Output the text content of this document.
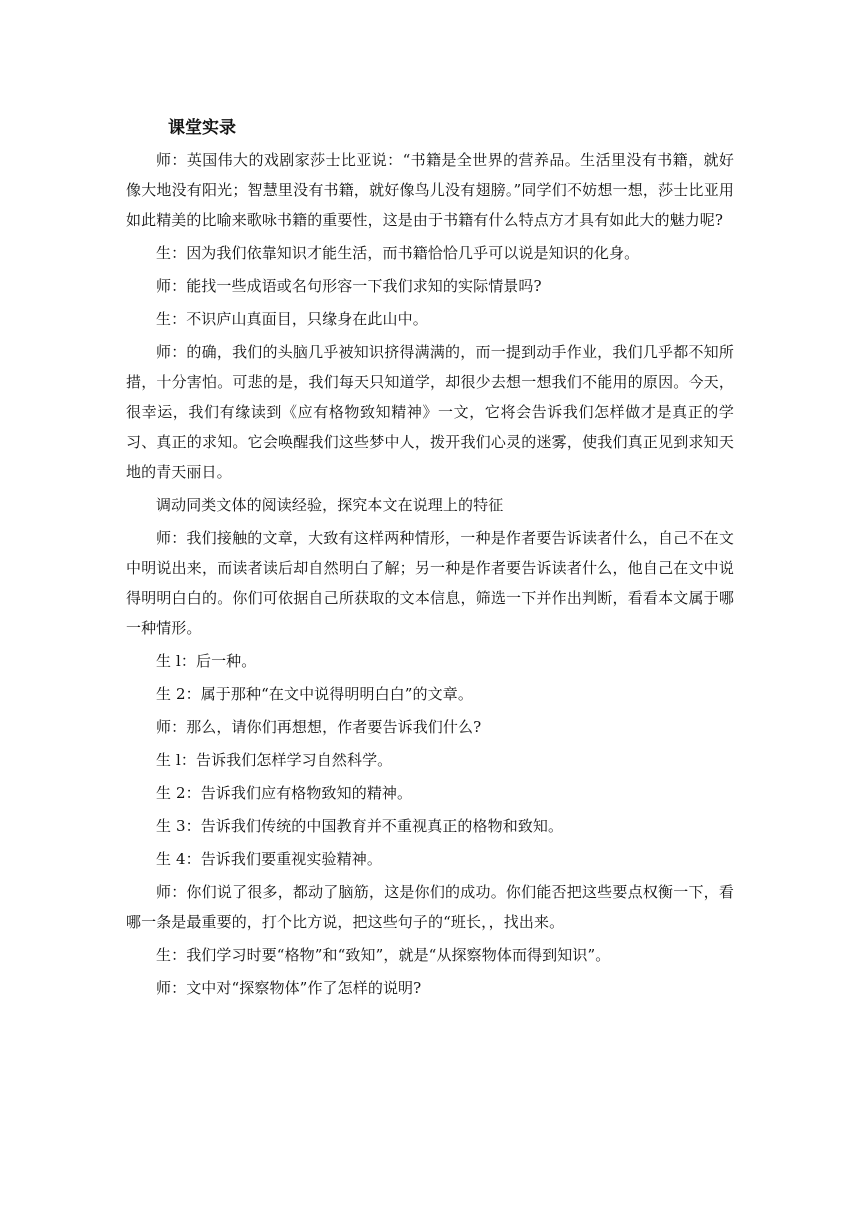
课堂实录

师：英国伟大的戏剧家莎士比亚说：“书籍是全世界的营养品。生活里没有书籍，就好像大地没有阳光；智慧里没有书籍，就好像鸟儿没有翅膀。”同学们不妨想一想，莎士比亚用如此精美的比喻来歌咏书籍的重要性，这是由于书籍有什么特点方才具有如此大的魅力呢?

生：因为我们依靠知识才能生活，而书籍恰恰几乎可以说是知识的化身。

师：能找一些成语或名句形容一下我们求知的实际情景吗?

生：不识庐山真面目，只缘身在此山中。

师：的确，我们的头脑几乎被知识挤得满满的，而一提到动手作业，我们几乎都不知所措，十分害怕。可悲的是，我们每天只知道学，却很少去想一想我们不能用的原因。今天，很幸运，我们有缘读到《应有格物致知精神》一文，它将会告诉我们怎样做才是真正的学习、真正的求知。它会唤醒我们这些梦中人，拨开我们心灵的迷雾，使我们真正见到求知天地的青天丽日。

调动同类文体的阅读经验，探究本文在说理上的特征

师：我们接触的文章，大致有这样两种情形，一种是作者要告诉读者什么，自己不在文中明说出来，而读者读后却自然明白了解；另一种是作者要告诉读者什么，他自己在文中说得明明白白的。你们可依据自己所获取的文本信息，筛选一下并作出判断，看看本文属于哪一种情形。

生 l：后一种。

生 2：属于那种“在文中说得明明白白”的文章。

师：那么，请你们再想想，作者要告诉我们什么?

生 l：告诉我们怎样学习自然科学。

生 2：告诉我们应有格物致知的精神。

生 3：告诉我们传统的中国教育并不重视真正的格物和致知。

生 4：告诉我们要重视实验精神。

师：你们说了很多，都动了脑筋，这是你们的成功。你们能否把这些要点权衡一下，看哪一条是最重要的，打个比方说，把这些句子的“班长，，找出来。

生：我们学习时要“格物”和“致知”，就是“从探察物体而得到知识”。

师：文中对“探察物体”作了怎样的说明?
